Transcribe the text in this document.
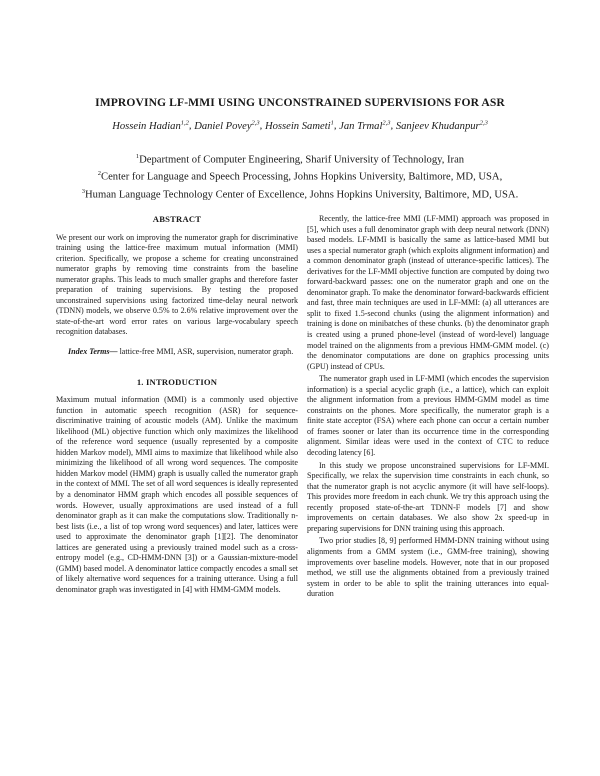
IMPROVING LF-MMI USING UNCONSTRAINED SUPERVISIONS FOR ASR
Hossein Hadian$^{1,2}$, Daniel Povey$^{2,3}$, Hossein Sameti$^1$, Jan Trmal$^{2,3}$, Sanjeev Khudanpur$^{2,3}$
$^1$Department of Computer Engineering, Sharif University of Technology, Iran
$^2$Center for Language and Speech Processing, Johns Hopkins University, Baltimore, MD, USA,
$^3$Human Language Technology Center of Excellence, Johns Hopkins University, Baltimore, MD, USA.
ABSTRACT

We present our work on improving the numerator graph for discriminative training using the lattice-free maximum mutual information (MMI) criterion. Specifically, we propose a scheme for creating unconstrained numerator graphs by removing time constraints from the baseline numerator graphs. This leads to much smaller graphs and therefore faster preparation of training supervisions. By testing the proposed unconstrained supervisions using factorized time-delay neural network (TDNN) models, we observe 0.5% to 2.6% relative improvement over the state-of-the-art word error rates on various large-vocabulary speech recognition databases.

Index Terms— lattice-free MMI, ASR, supervision, numerator graph.

1. INTRODUCTION

Maximum mutual information (MMI) is a commonly used objective function in automatic speech recognition (ASR) for sequence-discriminative training of acoustic models (AM). Unlike the maximum likelihood (ML) objective function which only maximizes the likelihood of the reference word sequence (usually represented by a composite hidden Markov model), MMI aims to maximize that likelihood while also minimizing the likelihood of all wrong word sequences. The composite hidden Markov model (HMM) graph is usually called the numerator graph in the context of MMI. The set of all word sequences is ideally represented by a denominator HMM graph which encodes all possible sequences of words. However, usually approximations are used instead of a full denominator graph as it can make the computations slow. Traditionally n-best lists (i.e., a list of top wrong word sequences) and later, lattices were used to approximate the denominator graph [1][2]. The denominator lattices are generated using a previously trained model such as a cross-entropy model (e.g., CD-HMM-DNN [3]) or a Gaussian-mixture-model (GMM) based model. A denominator lattice compactly encodes a small set of likely alternative word sequences for a training utterance. Using a full denominator graph was investigated in [4] with HMM-GMM models.

Recently, the lattice-free MMI (LF-MMI) approach was proposed in [5], which uses a full denominator graph with deep neural network (DNN) based models. LF-MMI is basically the same as lattice-based MMI but uses a special numerator graph (which exploits alignment information) and a common denominator graph (instead of utterance-specific lattices). The derivatives for the LF-MMI objective function are computed by doing two forward-backward passes: one on the numerator graph and one on the denominator graph. To make the denominator forward-backwards efficient and fast, three main techniques are used in LF-MMI: (a) all utterances are split to fixed 1.5-second chunks (using the alignment information) and training is done on minibatches of these chunks. (b) the denominator graph is created using a pruned phone-level (instead of word-level) language model trained on the alignments from a previous HMM-GMM model. (c) the denominator computations are done on graphics processing units (GPU) instead of CPUs.

The numerator graph used in LF-MMI (which encodes the supervision information) is a special acyclic graph (i.e., a lattice), which can exploit the alignment information from a previous HMM-GMM model as time constraints on the phones. More specifically, the numerator graph is a finite state acceptor (FSA) where each phone can occur a certain number of frames sooner or later than its occurrence time in the corresponding alignment. Similar ideas were used in the context of CTC to reduce decoding latency [6].

In this study we propose unconstrained supervisions for LF-MMI. Specifically, we relax the supervision time constraints in each chunk, so that the numerator graph is not acyclic anymore (it will have self-loops). This provides more freedom in each chunk. We try this approach using the recently proposed state-of-the-art TDNN-F models [7] and show improvements on certain databases. We also show 2x speed-up in preparing supervisions for DNN training using this approach.

Two prior studies [8, 9] performed HMM-DNN training without using alignments from a GMM system (i.e., GMM-free training), showing improvements over baseline models. However, note that in our proposed method, we still use the alignments obtained from a previously trained system in order to be able to split the training utterances into equal-duration
